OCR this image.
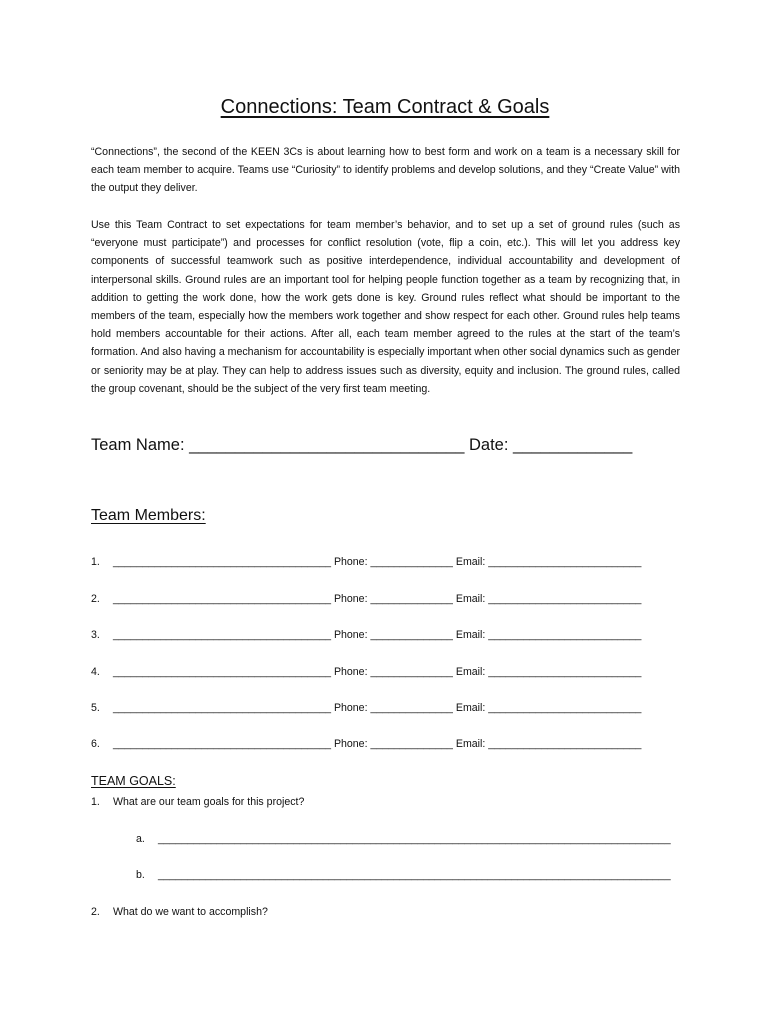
Connections: Team Contract & Goals
“Connections”, the second of the KEEN 3Cs is about learning how to best form and work on a team is a necessary skill for each team member to acquire. Teams use “Curiosity” to identify problems and develop solutions, and they “Create Value” with the output they deliver.
Use this Team Contract to set expectations for team member’s behavior, and to set up a set of ground rules (such as “everyone must participate”) and processes for conflict resolution (vote, flip a coin, etc.). This will let you address key components of successful teamwork such as positive interdependence, individual accountability and development of interpersonal skills. Ground rules are an important tool for helping people function together as a team by recognizing that, in addition to getting the work done, how the work gets done is key. Ground rules reflect what should be important to the members of the team, especially how the members work together and show respect for each other. Ground rules help teams hold members accountable for their actions. After all, each team member agreed to the rules at the start of the team’s formation. And also having a mechanism for accountability is especially important when other social dynamics such as gender or seniority may be at play. They can help to address issues such as diversity, equity and inclusion. The ground rules, called the group covenant, should be the subject of the very first team meeting.
Team Name: ______________________________ Date: _____________
Team Members:
1. _____________________________________ Phone: ______________ Email: __________________________
2. _____________________________________ Phone: ______________ Email: __________________________
3. _____________________________________ Phone: ______________ Email: __________________________
4. _____________________________________ Phone: ______________ Email: __________________________
5. _____________________________________ Phone: ______________ Email: __________________________
6. _____________________________________ Phone: ______________ Email: __________________________
TEAM GOALS:
1. What are our team goals for this project?
a. _______________________________________________________________________________________
b. _______________________________________________________________________________________
2. What do we want to accomplish?
